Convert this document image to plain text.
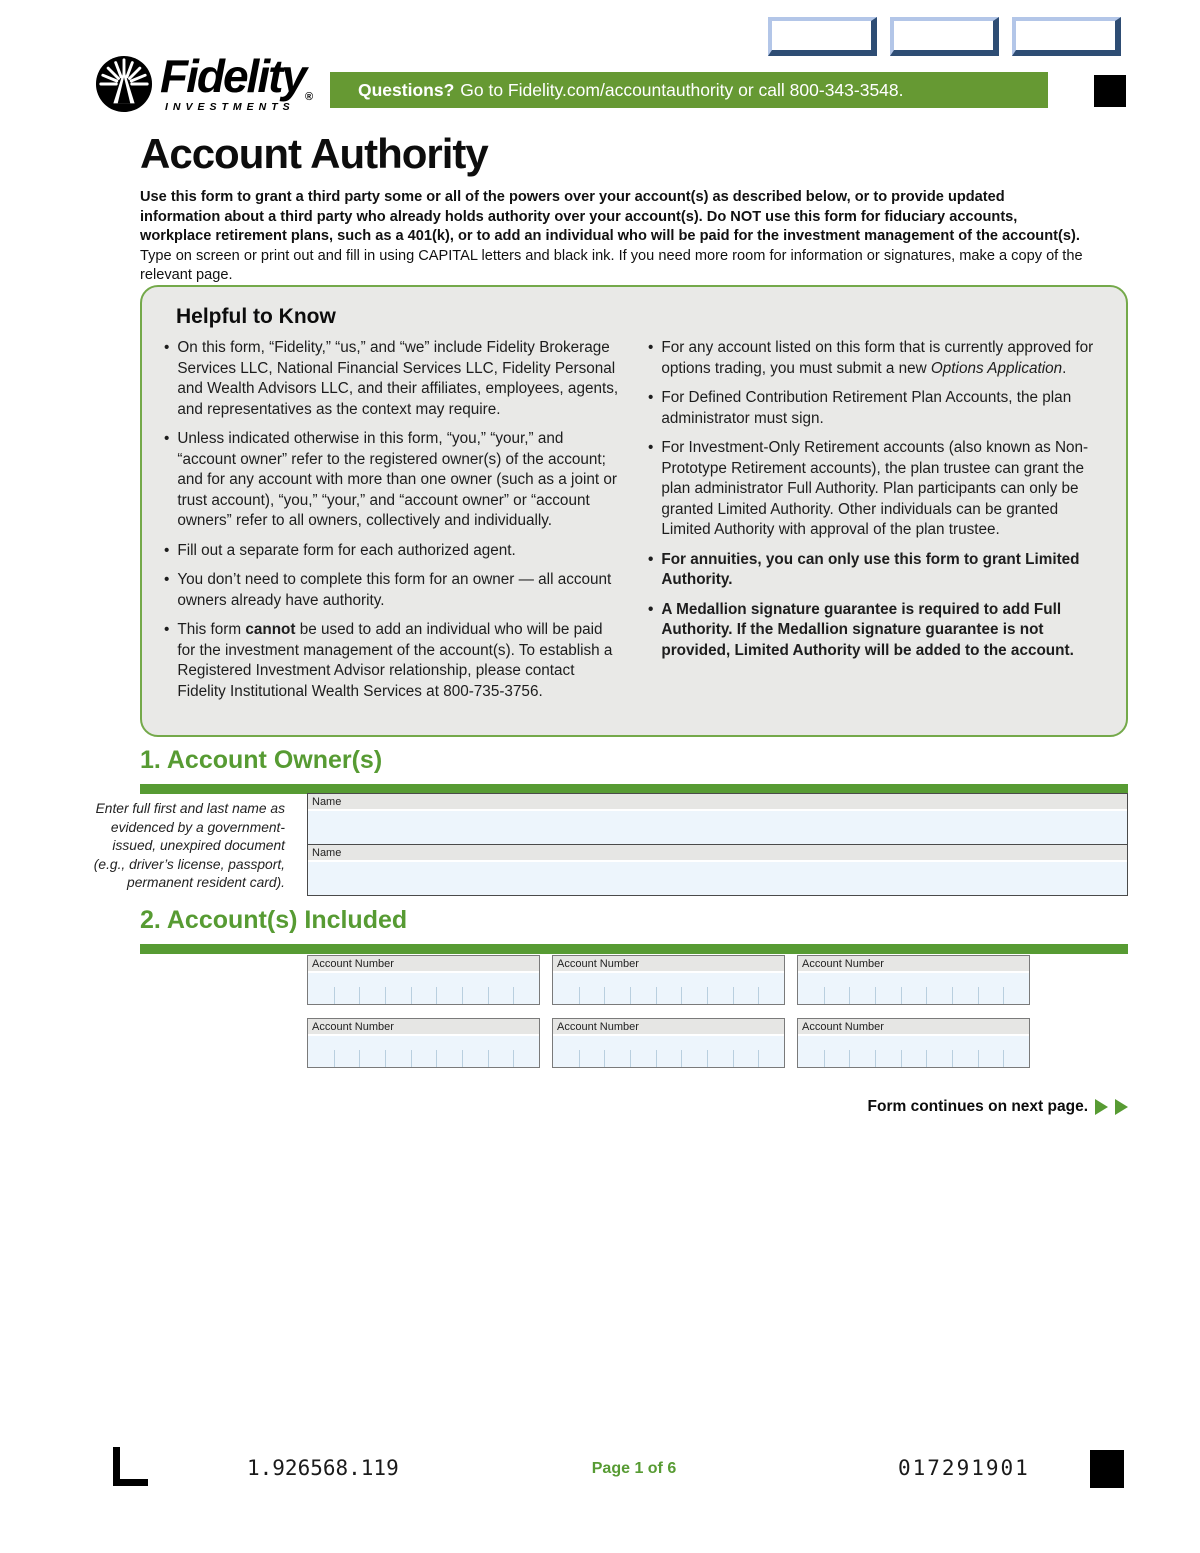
Fidelity®
INVESTMENTS
Questions? Go to Fidelity.com/accountauthority or call 800-343-3548.
Account Authority

Use this form to grant a third party some or all of the powers over your account(s) as described below, or to provide updated information about a third party who already holds authority over your account(s). Do NOT use this form for fiduciary accounts, workplace retirement plans, such as a 401(k), or to add an individual who will be paid for the investment management of the account(s). Type on screen or print out and fill in using CAPITAL letters and black ink. If you need more room for information or signatures, make a copy of the relevant page.

Helpful to Know
• On this form, “Fidelity,” “us,” and “we” include Fidelity Brokerage Services LLC, National Financial Services LLC, Fidelity Personal and Wealth Advisors LLC, and their affiliates, employees, agents, and representatives as the context may require.
• Unless indicated otherwise in this form, “you,” “your,” and “account owner” refer to the registered owner(s) of the account; and for any account with more than one owner (such as a joint or trust account), “you,” “your,” and “account owner” or “account owners” refer to all owners, collectively and individually.
• Fill out a separate form for each authorized agent.
• You don’t need to complete this form for an owner — all account owners already have authority.
• This form cannot be used to add an individual who will be paid for the investment management of the account(s). To establish a Registered Investment Advisor relationship, please contact Fidelity Institutional Wealth Services at 800-735-3756.
• For any account listed on this form that is currently approved for options trading, you must submit a new Options Application.
• For Defined Contribution Retirement Plan Accounts, the plan administrator must sign.
• For Investment-Only Retirement accounts (also known as Non-Prototype Retirement accounts), the plan trustee can grant the plan administrator Full Authority. Plan participants can only be granted Limited Authority. Other individuals can be granted Limited Authority with approval of the plan trustee.
• For annuities, you can only use this form to grant Limited Authority.
• A Medallion signature guarantee is required to add Full Authority. If the Medallion signature guarantee is not provided, Limited Authority will be added to the account.
1. Account Owner(s)
Enter full first and last name as evidenced by a government-issued, unexpired document (e.g., driver’s license, passport, permanent resident card).
Name
Name
2. Account(s) Included
Account Number	Account Number	Account Number
Account Number	Account Number	Account Number
Form continues on next page.
1.926568.119	Page 1 of 6	017291901
